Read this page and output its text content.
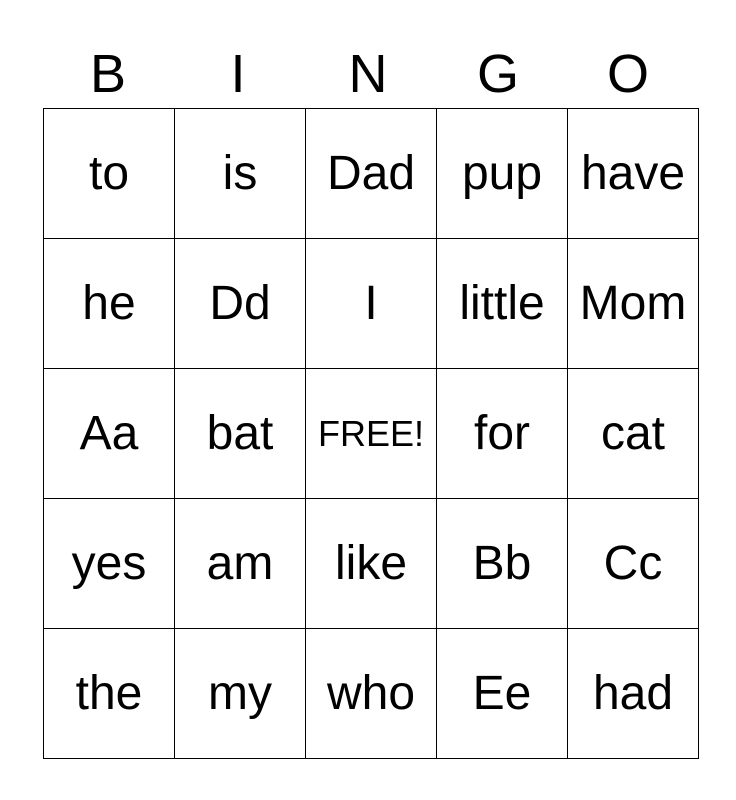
B	I	N	G	O
to	is	Dad	pup	have
he	Dd	I	little	Mom
Aa	bat	FREE!	for	cat
yes	am	like	Bb	Cc
the	my	who	Ee	had
